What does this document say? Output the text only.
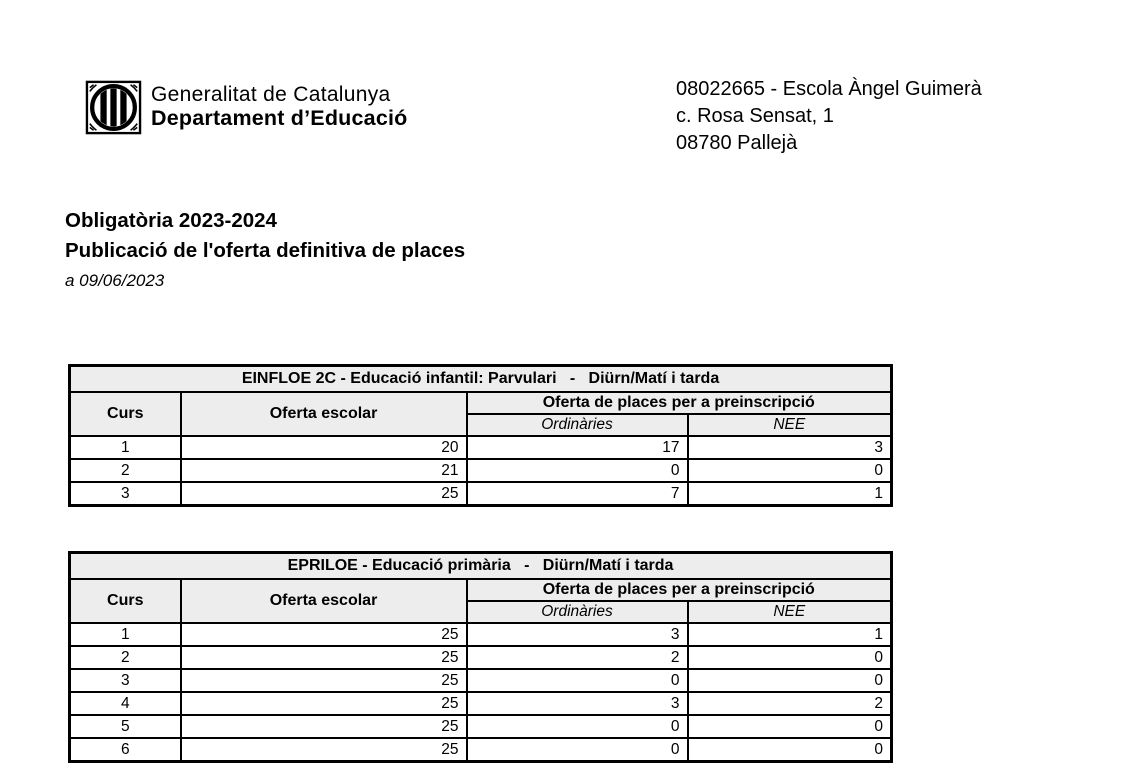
Generalitat de Catalunya
Departament d’Educació
08022665 - Escola Àngel Guimerà
c. Rosa Sensat, 1
08780 Pallejà
Obligatòria 2023-2024
Publicació de l'oferta definitiva de places
a 09/06/2023
EINFLOE 2C - Educació infantil: Parvulari   -   Diürn/Matí i tarda			
Curs	Oferta escolar	Oferta de places per a preinscripció	
		Ordinàries	NEE
1	20	17	3
2	21	0	0
3	25	7	1
EPRILOE - Educació primària   -   Diürn/Matí i tarda			
Curs	Oferta escolar	Oferta de places per a preinscripció	
		Ordinàries	NEE
1	25	3	1
2	25	2	0
3	25	0	0
4	25	3	2
5	25	0	0
6	25	0	0
